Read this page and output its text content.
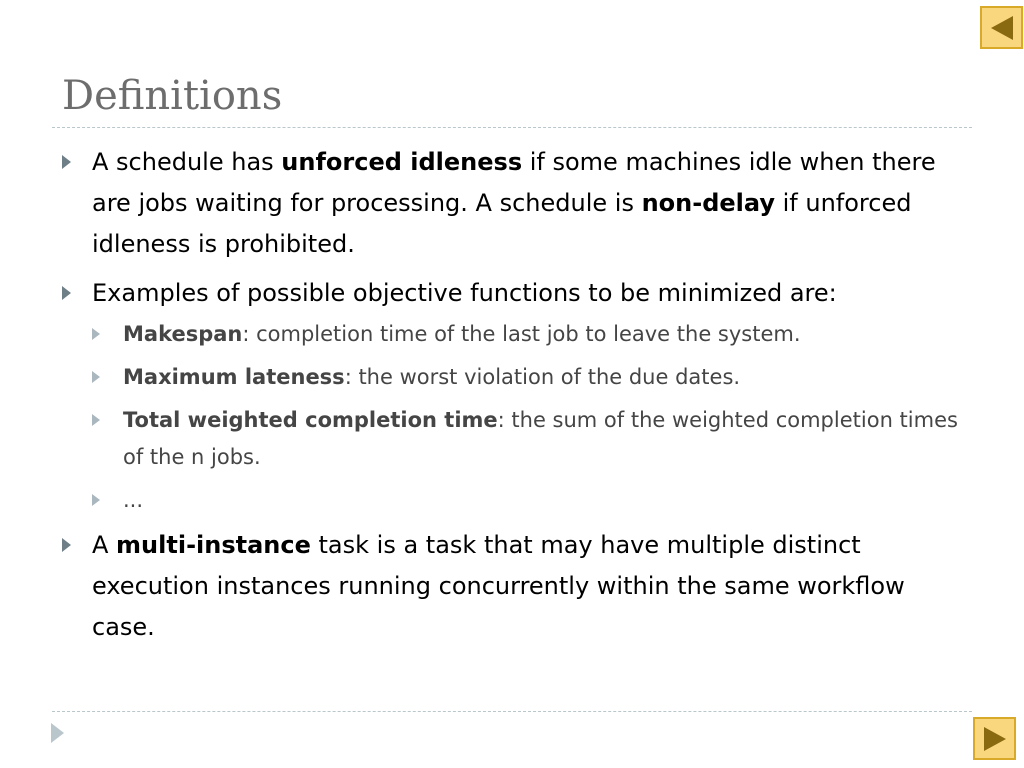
Definitions
A schedule has unforced idleness if some machines idle when there are jobs waiting for processing. A schedule is non-delay if unforced idleness is prohibited.
Examples of possible objective functions to be minimized are:
Makespan: completion time of the last job to leave the system.
Maximum lateness: the worst violation of the due dates.
Total weighted completion time: the sum of the weighted completion times of the n jobs.
...
A multi-instance task is a task that may have multiple distinct execution instances running concurrently within the same workflow case.
